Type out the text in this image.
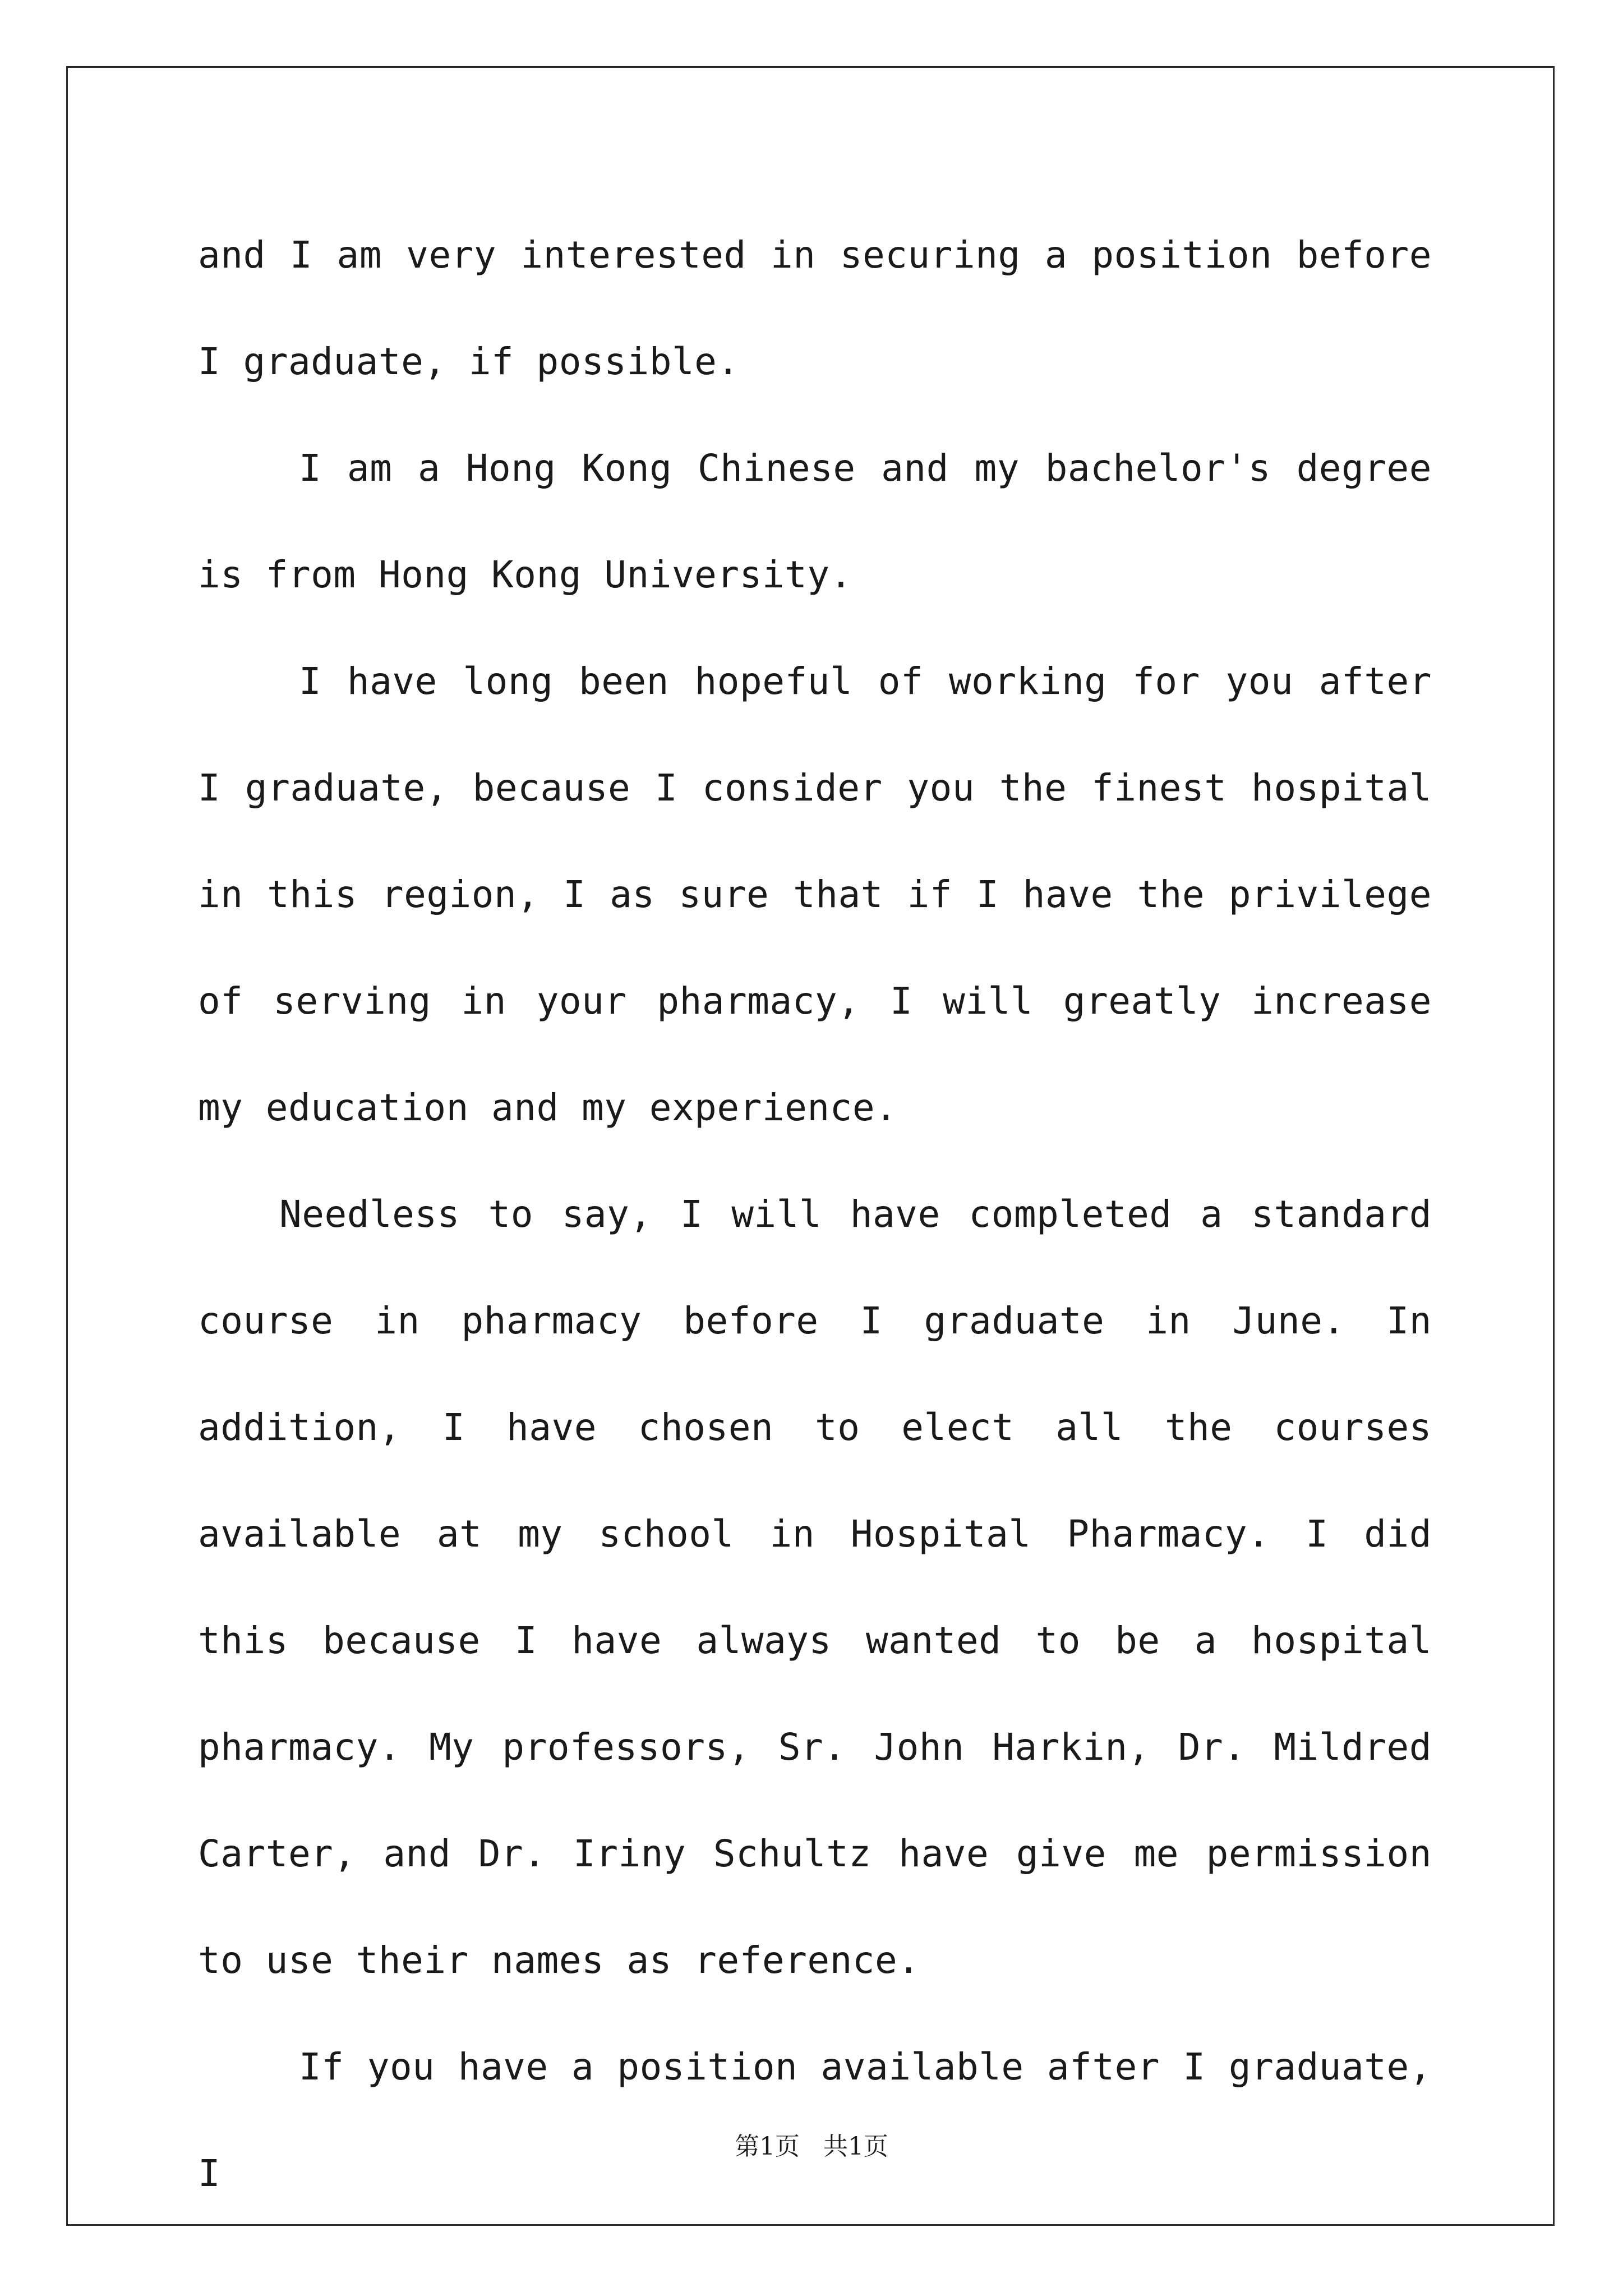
and I am very interested in securing a position before I graduate, if possible.

I am a Hong Kong Chinese and my bachelor's degree is from Hong Kong University.

I have long been hopeful of working for you after I graduate, because I consider you the finest hospital in this region, I as sure that if I have the privilege of serving in your pharmacy, I will greatly increase my education and my experience.

Needless to say, I will have completed a standard course in pharmacy before I graduate in June. In addition, I have chosen to elect all the courses available at my school in Hospital Pharmacy. I did this because I have always wanted to be a hospital pharmacy. My professors, Sr. John Harkin, Dr. Mildred Carter, and Dr. Iriny Schultz have give me permission to use their names as reference.

If you have a position available after I graduate, I

第1页   共1页
